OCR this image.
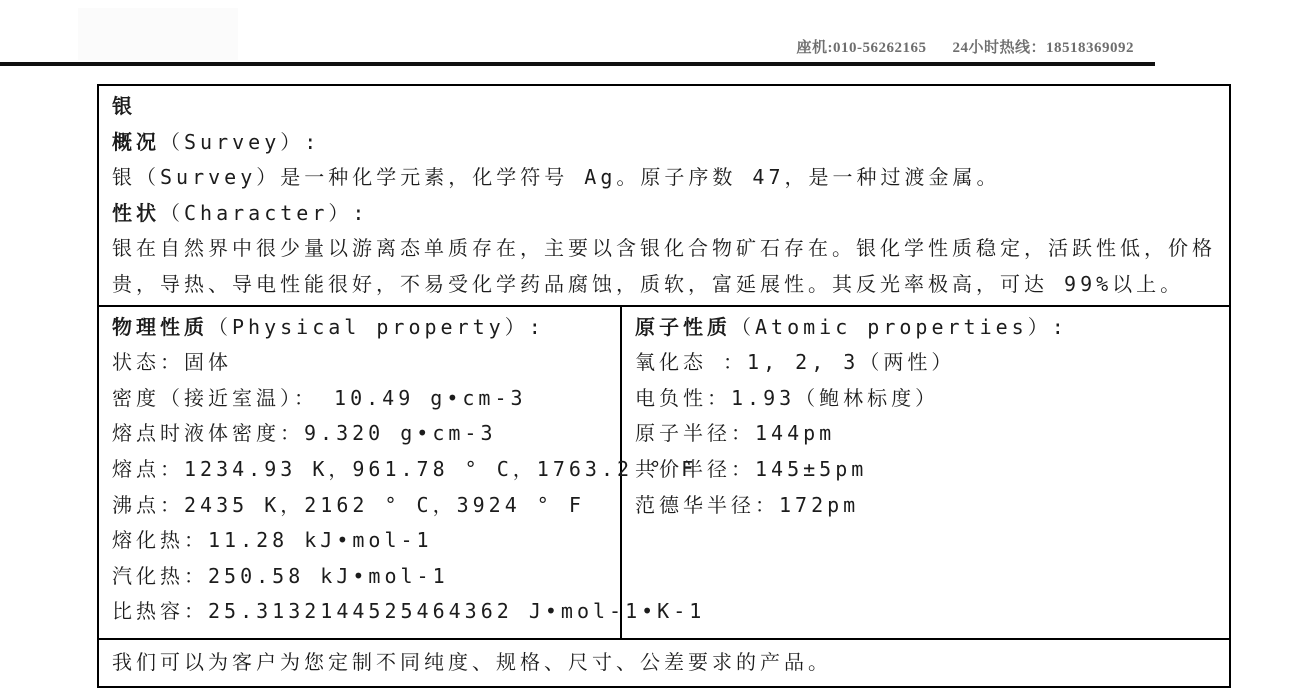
座机:010-56262165 24小时热线：18518369092
银
概况（Survey）:
银（Survey）是一种化学元素，化学符号 Ag。原子序数 47，是一种过渡金属。
性状（Character）:
银在自然界中很少量以游离态单质存在，主要以含银化合物矿石存在。银化学性质稳定，活跃性低，价格贵，导热、导电性能很好，不易受化学药品腐蚀，质软，富延展性。其反光率极高，可达 99%以上。
物理性质（Physical property）:
状态：固体
密度（接近室温）： 10.49 g•cm-3
熔点时液体密度：9.320 g•cm-3
熔点：1234.93 K，961.78 ° C，1763.2 ° F
沸点：2435 K，2162 ° C，3924 ° F
熔化热：11.28 kJ•mol-1
汽化热：250.58 kJ•mol-1
比热容：25.3132144525464362 J•mol-1•K-1
原子性质（Atomic properties）:
氧化态 ：1, 2, 3（两性）
电负性：1.93（鲍林标度）
原子半径：144pm
共价半径：145±5pm
范德华半径：172pm
我们可以为客户为您定制不同纯度、规格、尺寸、公差要求的产品。
